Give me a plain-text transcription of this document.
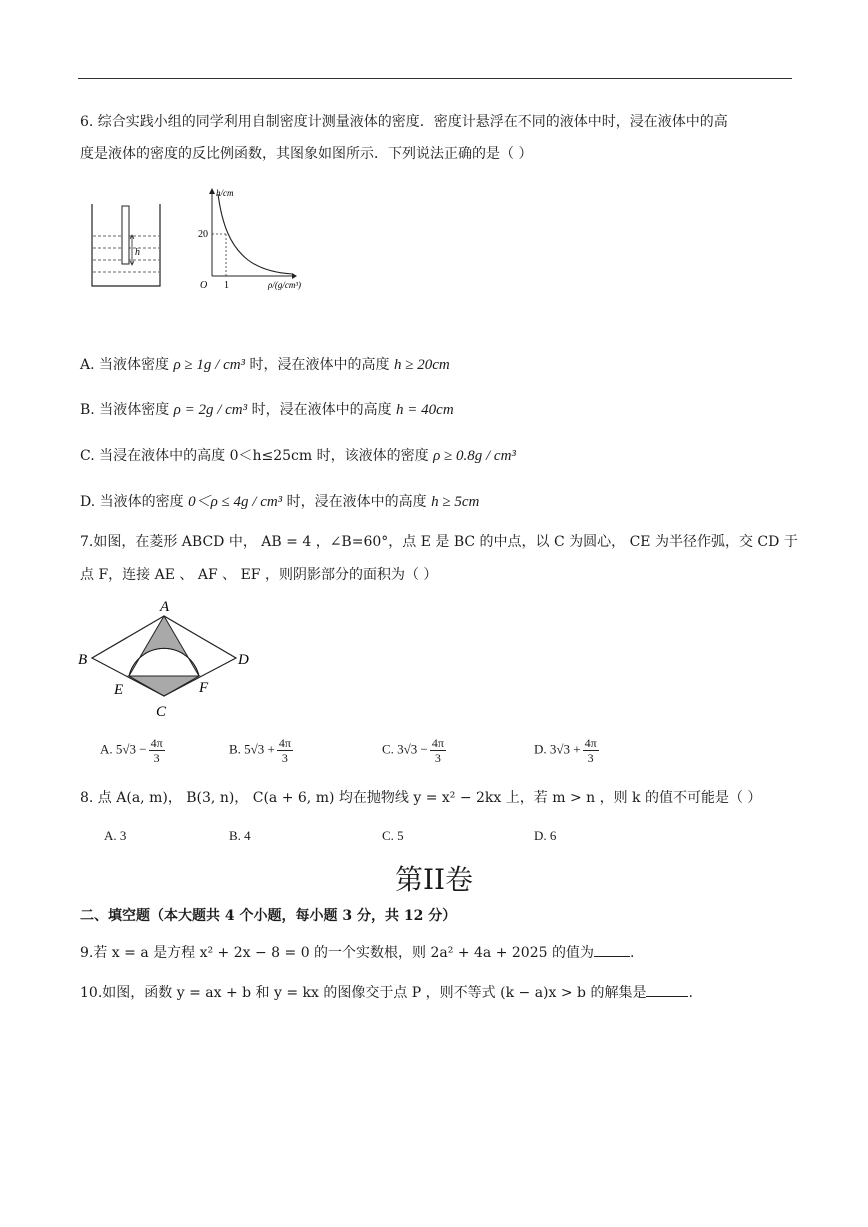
6. 综合实践小组的同学利用自制密度计测量液体的密度．密度计悬浮在不同的液体中时，浸在液体中的高
度是液体的密度的反比例函数，其图象如图所示．下列说法正确的是（ ）
h
h/cm
20
O 1	ρ/(g/cm³)
A. 当液体密度 ρ ≥ 1g / cm³ 时，浸在液体中的高度 h ≥ 20cm
B. 当液体密度 ρ = 2g / cm³ 时，浸在液体中的高度 h = 40cm
C. 当浸在液体中的高度 0＜h≤25cm 时，该液体的密度 ρ ≥ 0.8g / cm³
D. 当液体的密度 0＜ρ ≤ 4g / cm³ 时，浸在液体中的高度 h ≥ 5cm
7.如图，在菱形 ABCD 中， AB = 4 ，∠B=60°，点 E 是 BC 的中点，以 C 为圆心， CE 为半径作弧，交 CD 于
点 F，连接 AE 、 AF 、 EF ，则阴影部分的面积为（ ）
A
B
C
D
E	F
A. $5√3 - \frac{4\pi}{3}$	B. $5√3 + \frac{4\pi}{3}$	C. $3√3 - \frac{4\pi}{3}$	D. $3√3 + \frac{4\pi}{3}$
8. 点 A(a, m)， B(3, n)， C(a + 6, m) 均在抛物线 y = x² − 2kx 上，若 m > n ，则 k 的值不可能是（ ）
A. 3	B. 4	C. 5	D. 6
第II卷
二、填空题（本大题共 4 个小题，每小题 3 分，共 12 分）
9.若 x = a 是方程 x² + 2x − 8 = 0 的一个实数根，则 2a² + 4a + 2025 的值为	.
10.如图，函数 y = ax + b 和 y = kx 的图像交于点 P ，则不等式 (k − a)x > b 的解集是	.
